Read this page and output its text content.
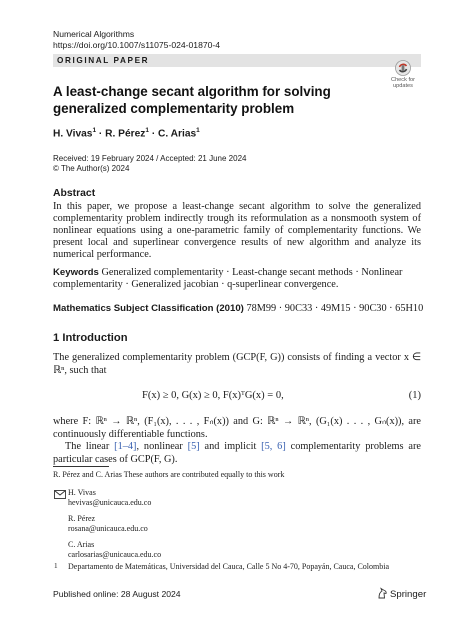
Numerical Algorithms
https://doi.org/10.1007/s11075-024-01870-4
ORIGINAL PAPER
Check for
updates
A least-change secant algorithm for solving generalized complementarity problem
H. Vivas$^1$ · R. Pérez$^1$ · C. Arias$^1$
Received: 19 February 2024 / Accepted: 21 June 2024
© The Author(s) 2024
Abstract
In this paper, we propose a least-change secant algorithm to solve the generalized complementarity problem indirectly trough its reformulation as a nonsmooth system of nonlinear equations using a one-parametric family of complementarity functions. We present local and superlinear convergence results of new algorithm and analyze its numerical performance.
Keywords Generalized complementarity · Least-change secant methods · Nonlinear complementarity · Generalized jacobian · q-superlinear convergence.
Mathematics Subject Classification (2010) 78M99 · 90C33 · 49M15 · 90C30 · 65H10
1 Introduction
The generalized complementarity problem (GCP(F, G)) consists of finding a vector x ∈ ℝⁿ, such that
F(x) ≥ 0, G(x) ≥ 0, F(x)ᵀG(x) = 0,	(1)
where F: ℝⁿ → ℝⁿ, (F₁(x), . . . , Fₙ(x)) and G: ℝⁿ → ℝⁿ, (G₁(x) . . . , Gₙ(x)), are continuously differentiable functions.
The linear [1–4], nonlinear [5] and implicit [5, 6] complementarity problems are particular cases of GCP(F, G).
R. Pérez and C. Arias These authors are contributed equally to this work
H. Vivas
hevivas@unicauca.edu.co
R. Pérez
rosana@unicauca.edu.co
C. Arias
carlosarias@unicauca.edu.co
1 Departamento de Matemáticas, Universidad del Cauca, Calle 5 No 4-70, Popayán, Cauca, Colombia
Published online: 28 August 2024	Springer
